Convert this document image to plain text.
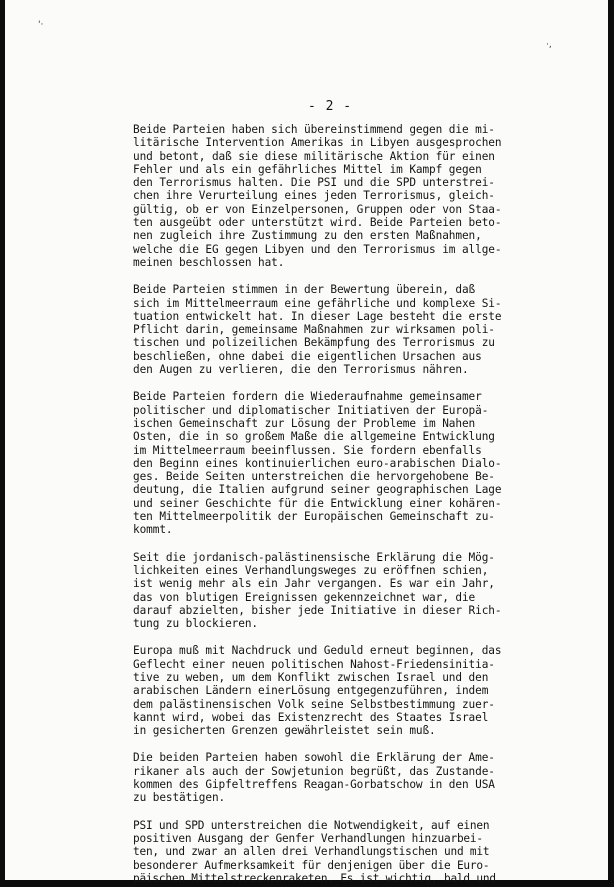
'‧
‧,
- 2 -
Beide Parteien haben sich übereinstimmend gegen die mi-
litärische Intervention Amerikas in Libyen ausgesprochen
und betont, daß sie diese militärische Aktion für einen
Fehler und als ein gefährliches Mittel im Kampf gegen
den Terrorismus halten. Die PSI und die SPD unterstrei-
chen ihre Verurteilung eines jeden Terrorismus, gleich-
gültig, ob er von Einzelpersonen, Gruppen oder von Staa-
ten ausgeübt oder unterstützt wird. Beide Parteien beto-
nen zugleich ihre Zustimmung zu den ersten Maßnahmen,
welche die EG gegen Libyen und den Terrorismus im allge-
meinen beschlossen hat.
Beide Parteien stimmen in der Bewertung überein, daß
sich im Mittelmeerraum eine gefährliche und komplexe Si-
tuation entwickelt hat. In dieser Lage besteht die erste
Pflicht darin, gemeinsame Maßnahmen zur wirksamen poli-
tischen und polizeilichen Bekämpfung des Terrorismus zu
beschließen, ohne dabei die eigentlichen Ursachen aus
den Augen zu verlieren, die den Terrorismus nähren.
Beide Parteien fordern die Wiederaufnahme gemeinsamer
politischer und diplomatischer Initiativen der Europä-
ischen Gemeinschaft zur Lösung der Probleme im Nahen
Osten, die in so großem Maße die allgemeine Entwicklung
im Mittelmeerraum beeinflussen. Sie fordern ebenfalls
den Beginn eines kontinuierlichen euro-arabischen Dialo-
ges. Beide Seiten unterstreichen die hervorgehobene Be-
deutung, die Italien aufgrund seiner geographischen Lage
und seiner Geschichte für die Entwicklung einer kohären-
ten Mittelmeerpolitik der Europäischen Gemeinschaft zu-
kommt.
Seit die jordanisch-palästinensische Erklärung die Mög-
lichkeiten eines Verhandlungsweges zu eröffnen schien,
ist wenig mehr als ein Jahr vergangen. Es war ein Jahr,
das von blutigen Ereignissen gekennzeichnet war, die
darauf abzielten, bisher jede Initiative in dieser Rich-
tung zu blockieren.
Europa muß mit Nachdruck und Geduld erneut beginnen, das
Geflecht einer neuen politischen Nahost-Friedensinitia-
tive zu weben, um dem Konflikt zwischen Israel und den
arabischen Ländern einerLösung entgegenzuführen, indem
dem palästinensischen Volk seine Selbstbestimmung zuer-
kannt wird, wobei das Existenzrecht des Staates Israel
in gesicherten Grenzen gewährleistet sein muß.
Die beiden Parteien haben sowohl die Erklärung der Ame-
rikaner als auch der Sowjetunion begrüßt, das Zustande-
kommen des Gipfeltreffens Reagan-Gorbatschow in den USA
zu bestätigen.
PSI und SPD unterstreichen die Notwendigkeit, auf einen
positiven Ausgang der Genfer Verhandlungen hinzuarbei-
ten, und zwar an allen drei Verhandlungstischen und mit
besonderer Aufmerksamkeit für denjenigen über die Euro-
päischen Mittelstreckenraketen. Es ist wichtig, bald und
